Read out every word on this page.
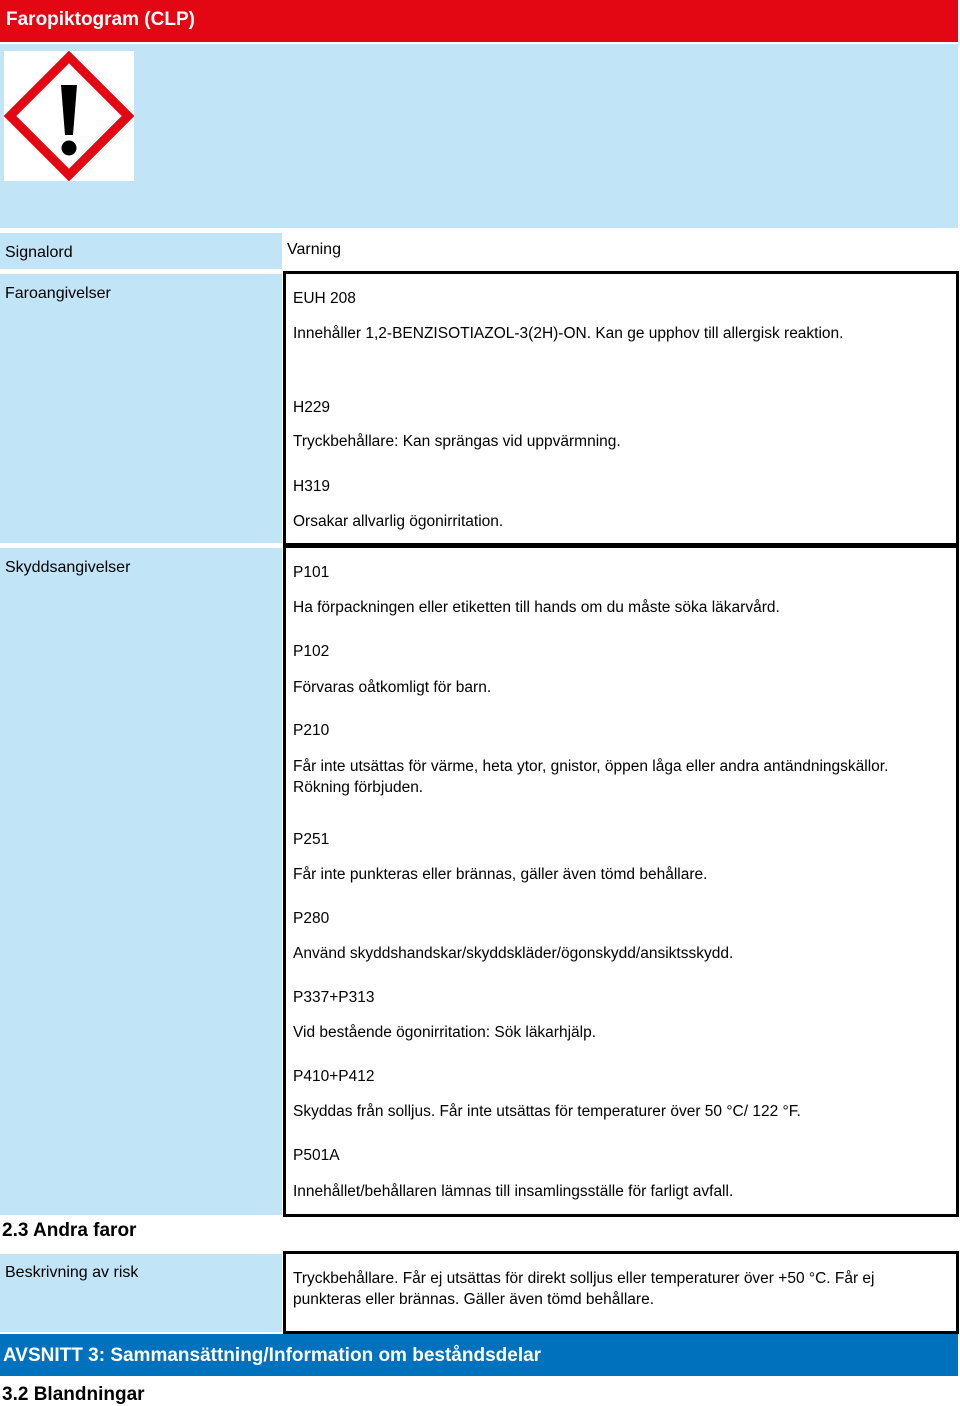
Faropiktogram (CLP)
Signalord	Varning
Faroangivelser	EUH 208
Innehåller 1,2-BENZISOTIAZOL-3(2H)-ON. Kan ge upphov till allergisk reaktion.
H229
Tryckbehållare: Kan sprängas vid uppvärmning.
H319
Orsakar allvarlig ögonirritation.
Skyddsangivelser	P101
Ha förpackningen eller etiketten till hands om du måste söka läkarvård.
P102
Förvaras oåtkomligt för barn.
P210
Får inte utsättas för värme, heta ytor, gnistor, öppen låga eller andra antändningskällor. Rökning förbjuden.
P251
Får inte punkteras eller brännas, gäller även tömd behållare.
P280
Använd skyddshandskar/skyddskläder/ögonskydd/ansiktsskydd.
P337+P313
Vid bestående ögonirritation: Sök läkarhjälp.
P410+P412
Skyddas från solljus. Får inte utsättas för temperaturer över 50 °C/ 122 °F.
P501A
Innehållet/behållaren lämnas till insamlingsställe för farligt avfall.
2.3 Andra faror
Beskrivning av risk	Tryckbehållare. Får ej utsättas för direkt solljus eller temperaturer över +50 °C. Får ej punkteras eller brännas. Gäller även tömd behållare.
AVSNITT 3: Sammansättning/Information om beståndsdelar
3.2 Blandningar
